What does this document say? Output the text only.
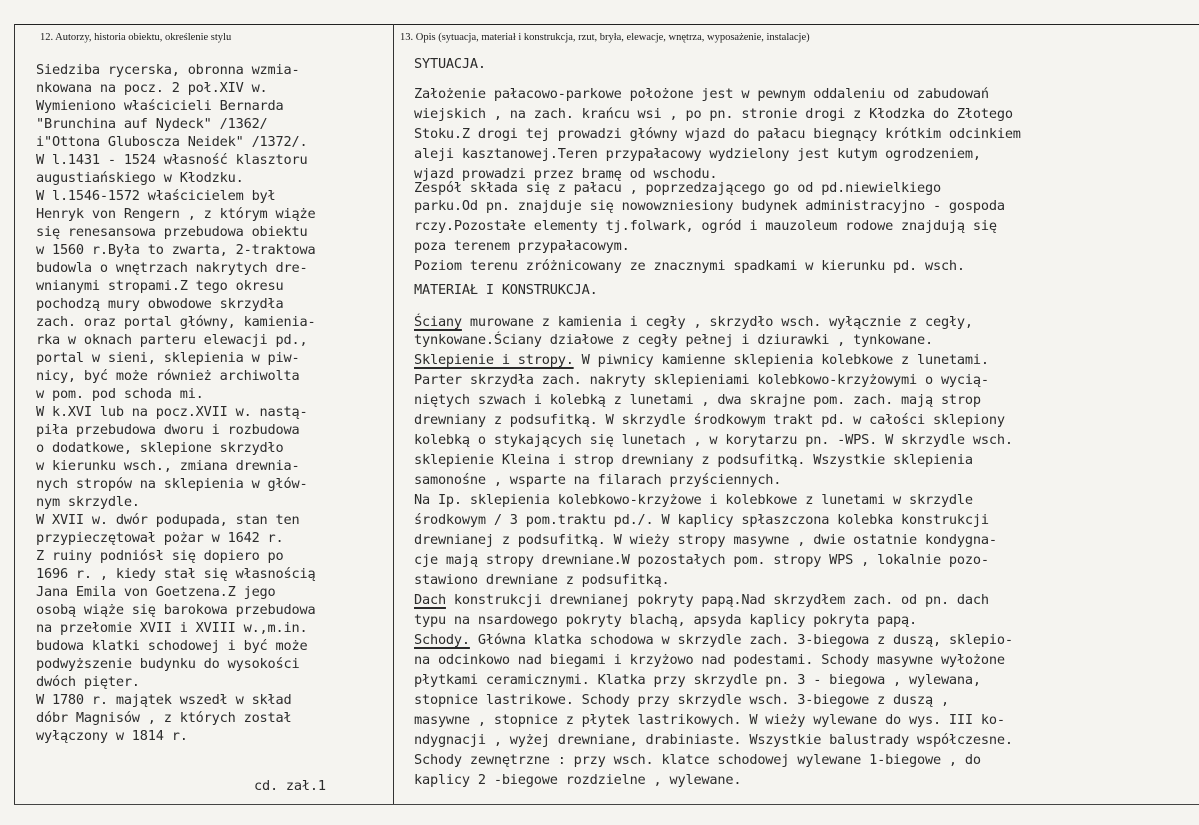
12. Autorzy, historia obiektu, określenie stylu	13. Opis (sytuacja, materiał i konstrukcja, rzut, bryła, elewacje, wnętrza, wyposażenie, instalacje)
Siedziba rycerska, obronna wzmia-
nkowana na pocz. 2 poł.XIV w.
Wymieniono właścicieli Bernarda
"Brunchina auf Nydeck" /1362/
i"Ottona Gluboscza Neidek" /1372/.
W l.1431 - 1524 własność klasztoru
augustiańskiego w Kłodzku.
W l.1546-1572 właścicielem był
Henryk von Rengern , z którym wiąże
się renesansowa przebudowa obiektu
w 1560 r.Była to zwarta, 2-traktowa
budowla o wnętrzach nakrytych dre-
wnianymi stropami.Z tego okresu
pochodzą mury obwodowe skrzydła
zach. oraz portal główny, kamienia-
rka w oknach parteru elewacji pd.,
portal w sieni, sklepienia w piw-
nicy, być może również archiwolta
w pom. pod schoda mi.
W k.XVI lub na pocz.XVII w. nastą-
piła przebudowa dworu i rozbudowa
o dodatkowe, sklepione skrzydło
w kierunku wsch., zmiana drewnia-
nych stropów na sklepienia w głów-
nym skrzydle.
W XVII w. dwór podupada, stan ten
przypieczętował pożar w 1642 r.
Z ruiny podniósł się dopiero po
1696 r. , kiedy stał się własnością
Jana Emila von Goetzena.Z jego
osobą wiąże się barokowa przebudowa
na przełomie XVII i XVIII w.,m.in.
budowa klatki schodowej i być może
podwyższenie budynku do wysokości
dwóch pięter.
W 1780 r. majątek wszedł w skład
dóbr Magnisów , z których został
wyłączony w 1814 r.
cd. zał.1
SYTUACJA.
Założenie pałacowo-parkowe położone jest w pewnym oddaleniu od zabudowań
wiejskich , na zach. krańcu wsi , po pn. stronie drogi z Kłodzka do Złotego
Stoku.Z drogi tej prowadzi główny wjazd do pałacu biegnący krótkim odcinkiem
aleji kasztanowej.Teren przypałacowy wydzielony jest kutym ogrodzeniem,
wjazd prowadzi przez bramę od wschodu.
Zespół składa się z pałacu , poprzedzającego go od pd.niewielkiego
parku.Od pn. znajduje się nowowzniesiony budynek administracyjno - gospoda
rczy.Pozostałe elementy tj.folwark, ogród i mauzoleum rodowe znajdują się
poza terenem przypałacowym.
Poziom terenu zróżnicowany ze znacznymi spadkami w kierunku pd. wsch.
MATERIAŁ I KONSTRUKCJA.
Ściany murowane z kamienia i cegły , skrzydło wsch. wyłącznie z cegły,
tynkowane.Ściany działowe z cegły pełnej i dziurawki , tynkowane.
Sklepienie i stropy. W piwnicy kamienne sklepienia kolebkowe z lunetami.
Parter skrzydła zach. nakryty sklepieniami kolebkowo-krzyżowymi o wycią-
niętych szwach i kolebką z lunetami , dwa skrajne pom. zach. mają strop
drewniany z podsufitką. W skrzydle środkowym trakt pd. w całości sklepiony
kolebką o stykających się lunetach , w korytarzu pn. -WPS. W skrzydle wsch.
sklepienie Kleina i strop drewniany z podsufitką. Wszystkie sklepienia
samonośne , wsparte na filarach przyściennych.
Na Ip. sklepienia kolebkowo-krzyżowe i kolebkowe z lunetami w skrzydle
środkowym / 3 pom.traktu pd./. W kaplicy spłaszczona kolebka konstrukcji
drewnianej z podsufitką. W wieży stropy masywne , dwie ostatnie kondygna-
cje mają stropy drewniane.W pozostałych pom. stropy WPS , lokalnie pozo-
stawiono drewniane z podsufitką.
Dach konstrukcji drewnianej pokryty papą.Nad skrzydłem zach. od pn. dach
typu na nsardowego pokryty blachą, apsyda kaplicy pokryta papą.
Schody. Główna klatka schodowa w skrzydle zach. 3-biegowa z duszą, sklepio-
na odcinkowo nad biegami i krzyżowo nad podestami. Schody masywne wyłożone
płytkami ceramicznymi. Klatka przy skrzydle pn. 3 - biegowa , wylewana,
stopnice lastrikowe. Schody przy skrzydle wsch. 3-biegowe z duszą ,
masywne , stopnice z płytek lastrikowych. W wieży wylewane do wys. III ko-
ndygnacji , wyżej drewniane, drabiniaste. Wszystkie balustrady współczesne.
Schody zewnętrzne : przy wsch. klatce schodowej wylewane 1-biegowe , do
kaplicy 2 -biegowe rozdzielne , wylewane.
